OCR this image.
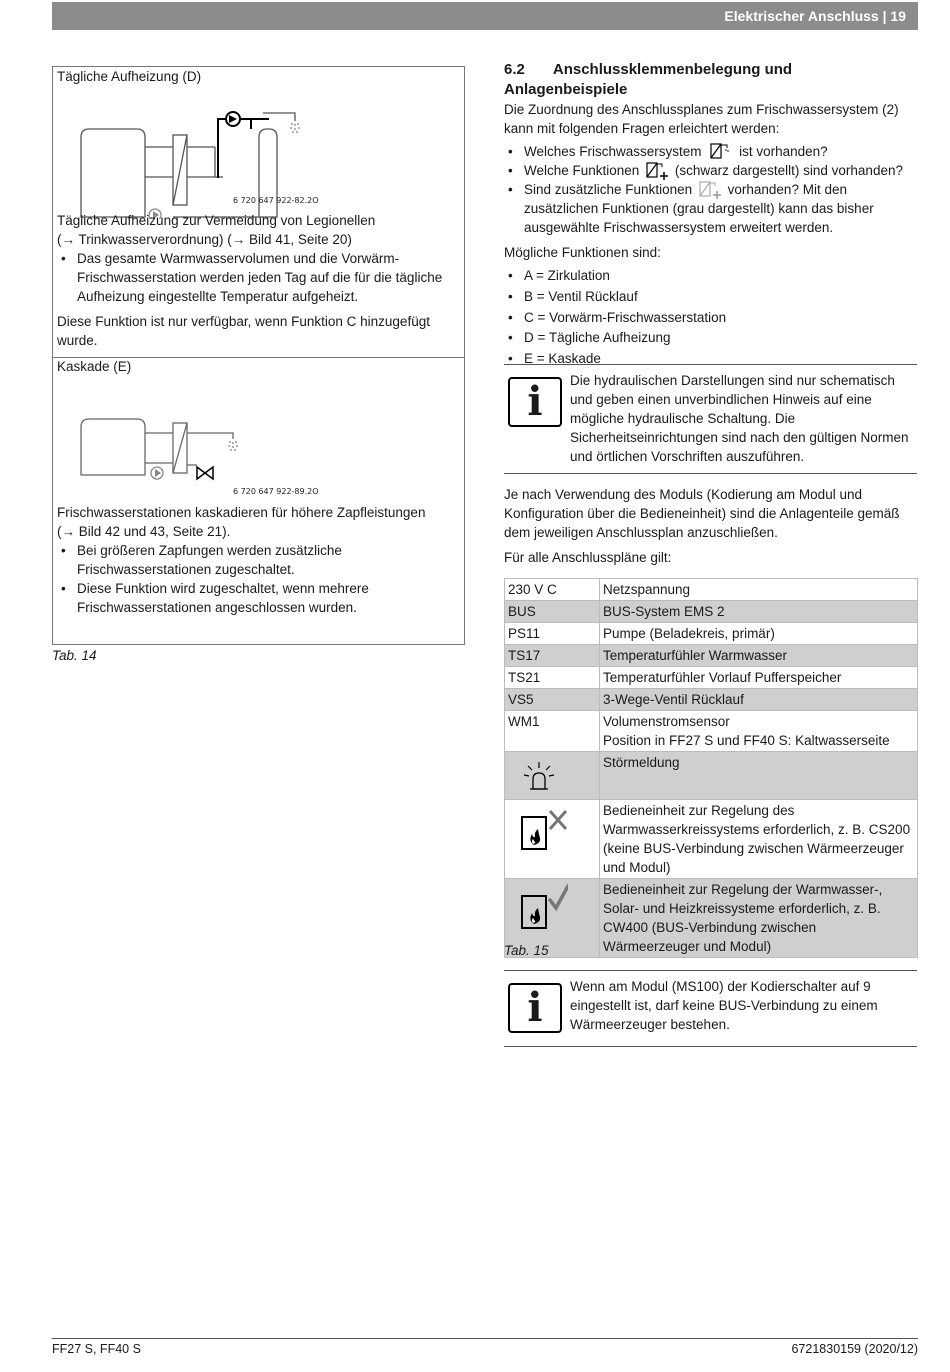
Elektrischer Anschluss | 19
Tägliche Aufheizung (D)
6 720 647 922-82.2O

Tägliche Aufheizung zur Vermeidung von Legionellen

(→ Trinkwasserverordnung) (→ Bild 41, Seite 20)

• Das gesamte Warmwasservolumen und die Vorwärm-Frischwasserstation werden jeden Tag auf die für die tägliche Aufheizung eingestellte Temperatur aufgeheizt.

Diese Funktion ist nur verfügbar, wenn Funktion C hinzugefügt wurde.

Kaskade (E)
6 720 647 922-89.2O

Frischwasserstationen kaskadieren für höhere Zapfleistungen

(→ Bild 42 und 43, Seite 21).

• Bei größeren Zapfungen werden zusätzliche Frischwasserstationen zugeschaltet.
• Diese Funktion wird zugeschaltet, wenn mehrere Frischwasserstationen angeschlossen wurden.
Tab. 14
6.2 Anschlussklemmenbelegung und Anlagenbeispiele

Die Zuordnung des Anschlussplanes zum Frischwassersystem (2) kann mit folgenden Fragen erleichtert werden:

• Welches Frischwassersystem	ist vorhanden?
• Welche Funktionen	(schwarz dargestellt) sind vorhanden?
• Sind zusätzliche Funktionen	vorhanden? Mit den zusätzlichen Funktionen (grau dargestellt) kann das bisher ausgewählte Frischwassersystem erweitert werden.

Mögliche Funktionen sind:

• A = Zirkulation
• B = Ventil Rücklauf
• C = Vorwärm-Frischwasserstation
• D = Tägliche Aufheizung
• E = Kaskade
i	Die hydraulischen Darstellungen sind nur schematisch und geben einen unverbindlichen Hinweis auf eine mögliche hydraulische Schaltung. Die Sicherheitseinrichtungen sind nach den gültigen Normen und örtlichen Vorschriften auszuführen.

Je nach Verwendung des Moduls (Kodierung am Modul und Konfiguration über die Bedieneinheit) sind die Anlagenteile gemäß dem jeweiligen Anschlussplan anzuschließen.

Für alle Anschlusspläne gilt:

230 V C	Netzspannung
BUS	BUS-System EMS 2
PS11	Pumpe (Beladekreis, primär)
TS17	Temperaturfühler Warmwasser
TS21	Temperaturfühler Vorlauf Pufferspeicher
VS5	3-Wege-Ventil Rücklauf
WM1	Volumenstromsensor
Position in FF27 S und FF40 S: Kaltwasserseite

	Störmeldung
	Bedieneinheit zur Regelung des Warmwasserkreissystems erforderlich, z. B. CS200 (keine BUS-Verbindung zwischen Wärmeerzeuger und Modul)
	Bedieneinheit zur Regelung der Warmwasser-, Solar- und Heizkreissysteme erforderlich, z. B. CW400 (BUS-Verbindung zwischen Wärmeerzeuger und Modul)
Tab. 15
i	Wenn am Modul (MS100) der Kodierschalter auf 9 eingestellt ist, darf keine BUS-Verbindung zu einem Wärmeerzeuger bestehen.

FF27 S, FF40 S	6721830159 (2020/12)
